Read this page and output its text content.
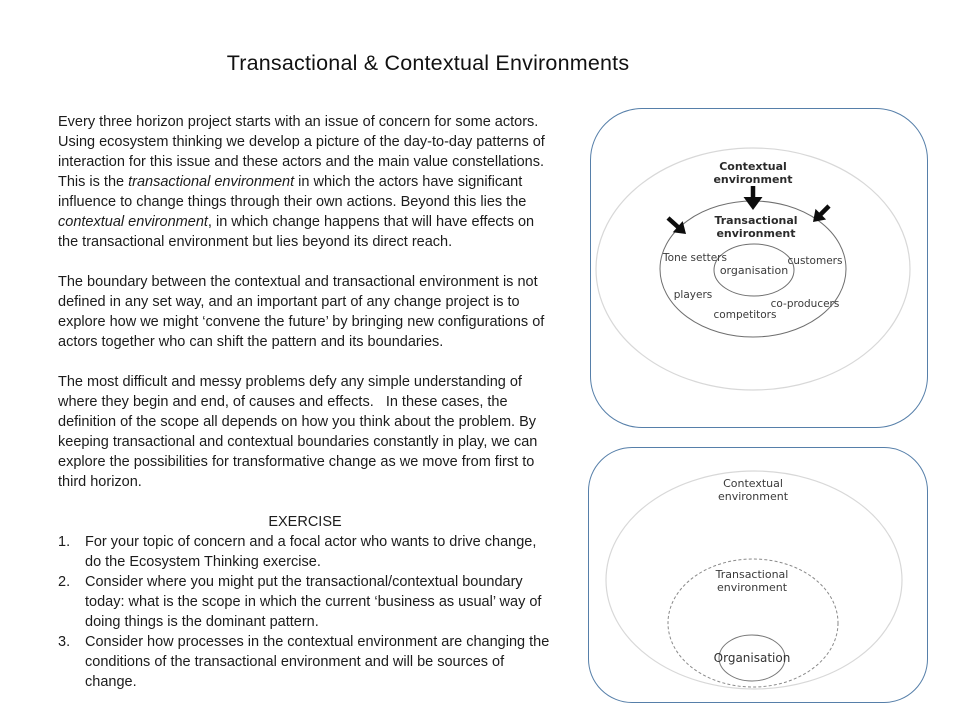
Transactional & Contextual Environments

Every three horizon project starts with an issue of concern for some actors.  Using ecosystem thinking we develop a picture of the day-to-day patterns of interaction for this issue and these actors and the main value constellations.   This is the transactional environment in which the actors have significant influence to change things through their own actions. Beyond this lies the contextual environment, in which change happens that will have effects on the transactional environment but lies beyond its direct reach.

The boundary between the contextual and transactional environment is not defined in any set way, and an important part of any change project is to explore how we might ‘convene the future’ by bringing new configurations of actors together who can shift the pattern and its boundaries.

The most difficult and messy problems defy any simple understanding of where they begin and end, of causes and effects.   In these cases, the definition of the scope all depends on how you think about the problem. By keeping transactional and contextual boundaries constantly in play, we can explore the possibilities for transformative change as we move from first to third horizon.

EXERCISE
1.	For your topic of concern and a focal actor who wants to drive change, do the Ecosystem Thinking exercise.
2.	Consider where you might put the transactional/contextual boundary today: what is the scope in which the current ‘business as usual’ way of doing things is the dominant pattern.
3.	Consider how processes in the contextual environment are changing the conditions of the transactional environment and will be sources of change.
Contextual environment
Transactional environment
Tone setters	customers
organisation
players
co-producers
competitors
Contextual environment
Transactional environment
Organisation
